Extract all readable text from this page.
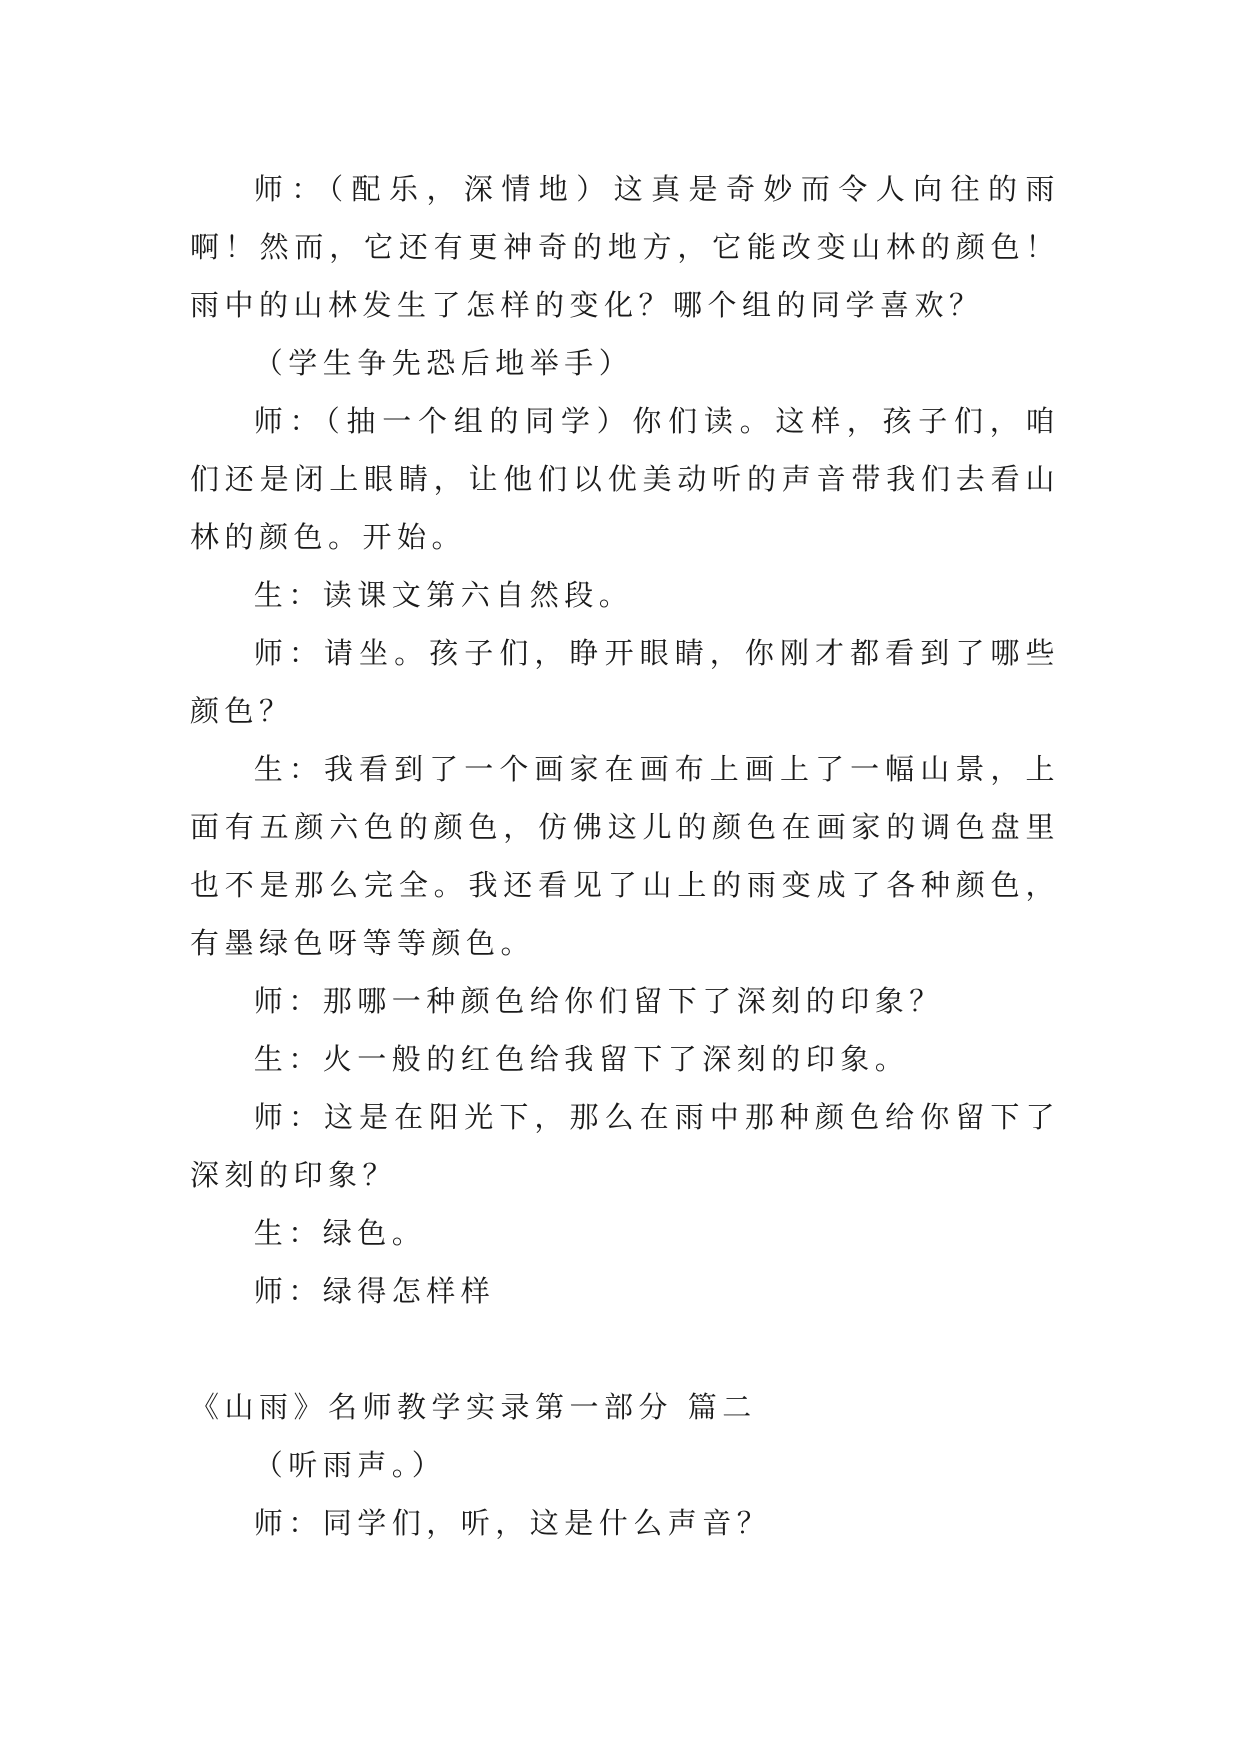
师：（配乐，深情地）这真是奇妙而令人向往的雨啊！然而，它还有更神奇的地方，它能改变山林的颜色！雨中的山林发生了怎样的变化？哪个组的同学喜欢？

（学生争先恐后地举手）

师：（抽一个组的同学）你们读。这样，孩子们，咱们还是闭上眼睛，让他们以优美动听的声音带我们去看山林的颜色。开始。

生：读课文第六自然段。

师：请坐。孩子们，睁开眼睛，你刚才都看到了哪些颜色？

生：我看到了一个画家在画布上画上了一幅山景，上面有五颜六色的颜色，仿佛这儿的颜色在画家的调色盘里也不是那么完全。我还看见了山上的雨变成了各种颜色，有墨绿色呀等等颜色。

师：那哪一种颜色给你们留下了深刻的印象？

生：火一般的红色给我留下了深刻的印象。

师：这是在阳光下，那么在雨中那种颜色给你留下了深刻的印象？

生：绿色。

师：绿得怎样样

《山雨》名师教学实录第一部分 篇二

（听雨声。）

师：同学们，听，这是什么声音？
